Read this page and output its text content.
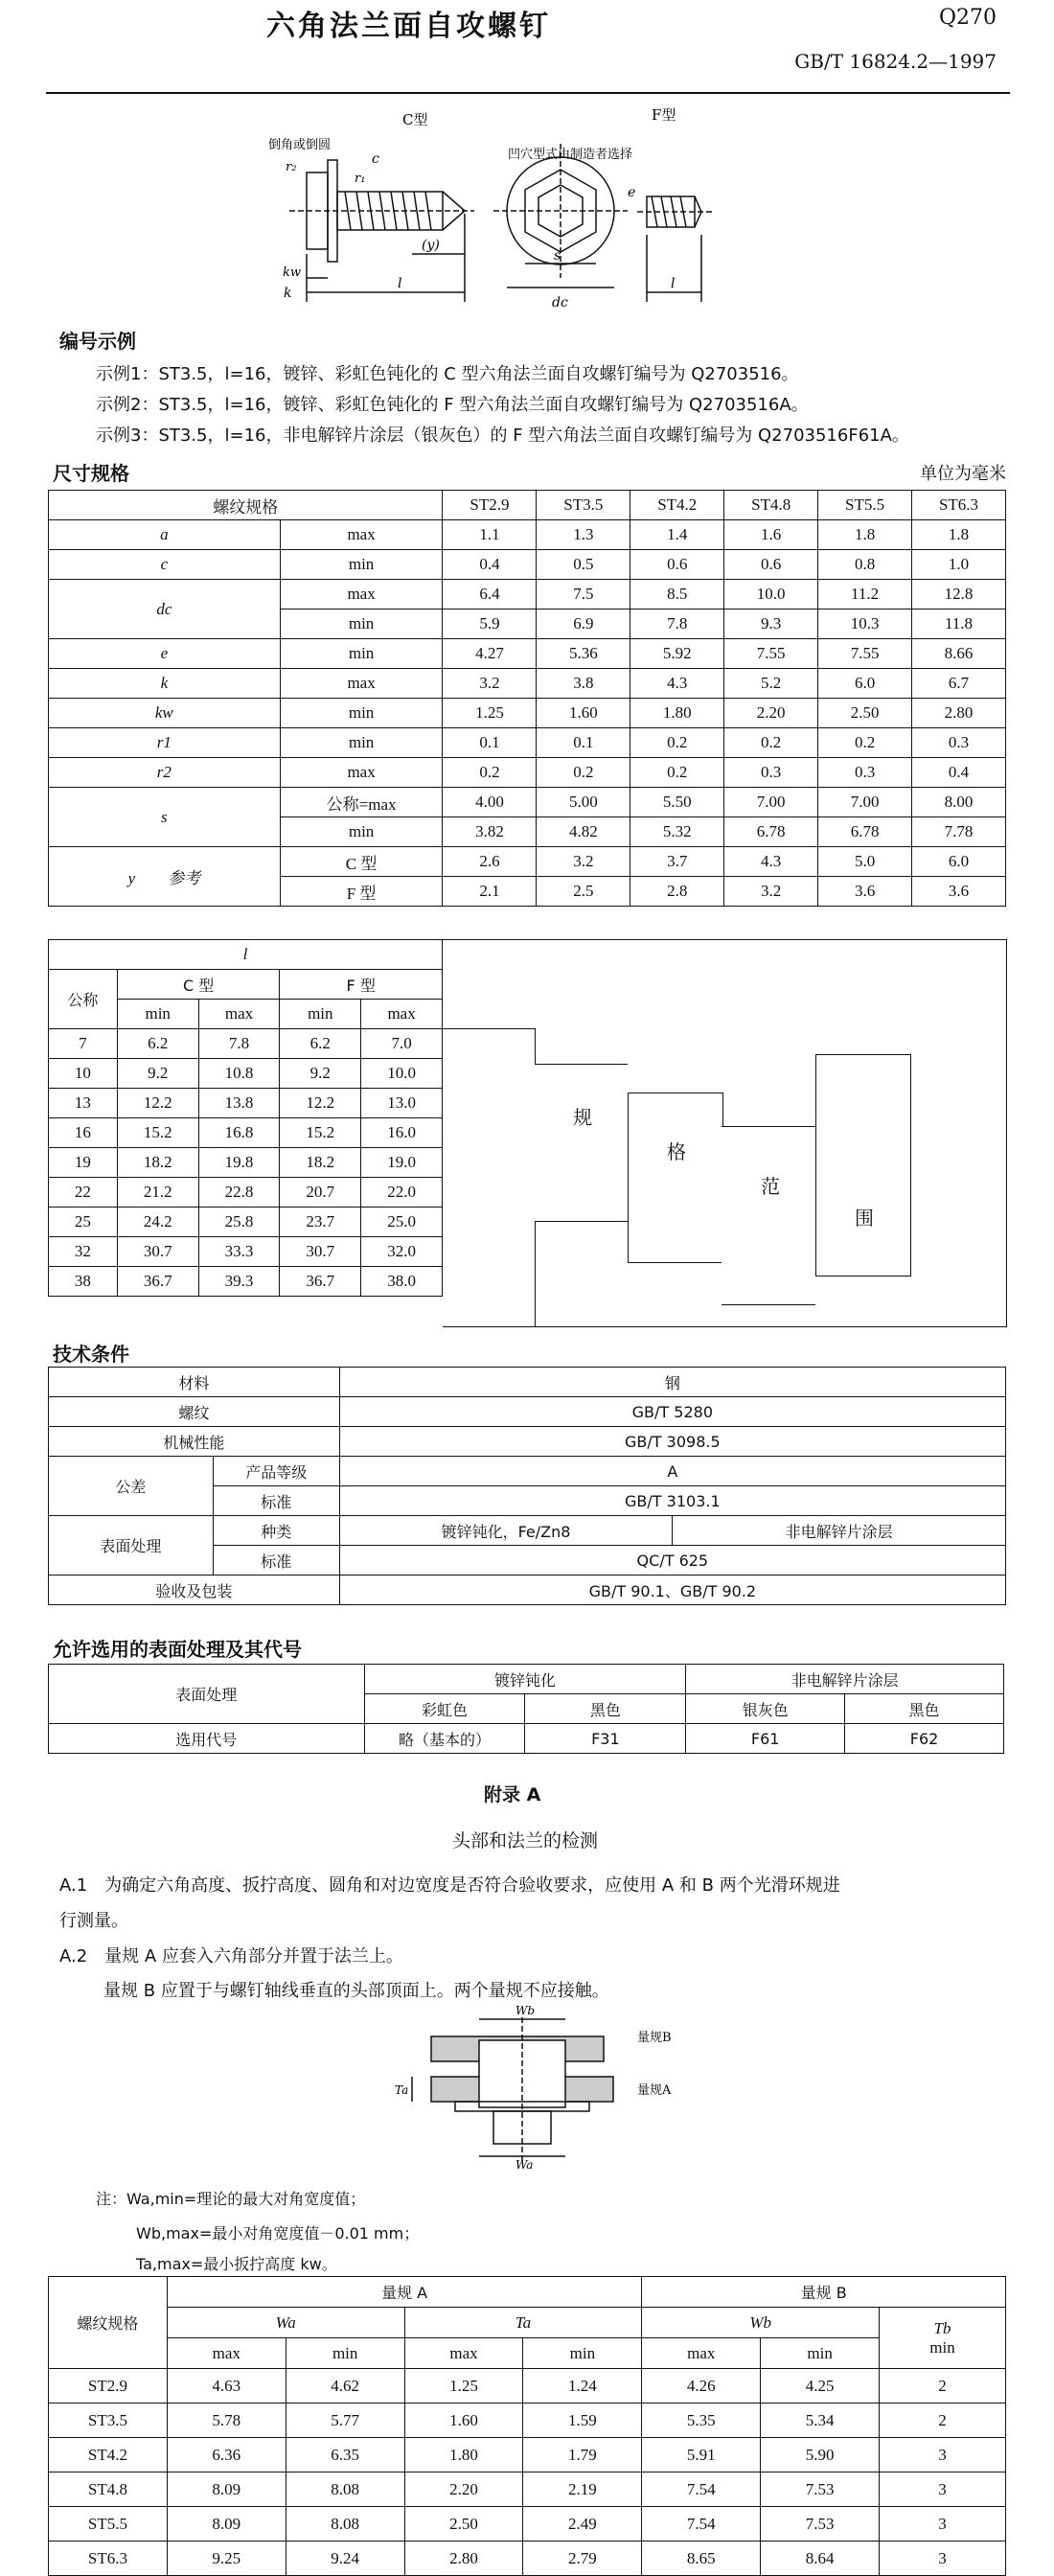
六角法兰面自攻螺钉	Q270
GB/T 16824.2—1997
C型	F型
倒角或倒圆
凹穴型式由制造者选择
r₂
r₁
c
kw
k
(y)
l
dc
s
e
l
编号示例
示例1：ST3.5，l=16，镀锌、彩虹色钝化的 C 型六角法兰面自攻螺钉编号为 Q2703516。
示例2：ST3.5，l=16，镀锌、彩虹色钝化的 F 型六角法兰面自攻螺钉编号为 Q2703516A。
示例3：ST3.5，l=16，非电解锌片涂层（银灰色）的 F 型六角法兰面自攻螺钉编号为 Q2703516F61A。
尺寸规格	单位为毫米
螺纹规格		ST2.9	ST3.5	ST4.2	ST4.8	ST5.5	ST6.3
a	max	1.1	1.3	1.4	1.6	1.8	1.8
c	min	0.4	0.5	0.6	0.6	0.8	1.0
dc	max	6.4	7.5	8.5	10.0	11.2	12.8
	min	5.9	6.9	7.8	9.3	10.3	11.8
e	min	4.27	5.36	5.92	7.55	7.55	8.66
k	max	3.2	3.8	4.3	5.2	6.0	6.7
kw	min	1.25	1.60	1.80	2.20	2.50	2.80
r1	min	0.1	0.1	0.2	0.2	0.2	0.3
r2	max	0.2	0.2	0.2	0.3	0.3	0.4
s	公称=max	4.00	5.00	5.50	7.00	7.00	8.00
	min	3.82	4.82	5.32	6.78	6.78	7.78
y　　参考	C 型	2.6	3.2	3.7	4.3	5.0	6.0
	F 型	2.1	2.5	2.8	3.2	3.6	3.6
l				
公称	C 型		F 型	
	min	max	min	max
7	6.2	7.8	6.2	7.0
10	9.2	10.8	9.2	10.0
13	12.2	13.8	12.2	13.0
16	15.2	16.8	15.2	16.0
19	18.2	19.8	18.2	19.0
22	21.2	22.8	20.7	22.0
25	24.2	25.8	23.7	25.0
32	30.7	33.3	30.7	32.0
38	36.7	39.3	36.7	38.0
规
格
范
围
技术条件
材料		钢	
螺纹		GB/T 5280	
机械性能		GB/T 3098.5	
公差	产品等级	A	
	标准	GB/T 3103.1	
表面处理	种类	镀锌钝化，Fe/Zn8	非电解锌片涂层
	标准	QC/T 625	
验收及包装		GB/T 90.1、GB/T 90.2	
允许选用的表面处理及其代号
表面处理	镀锌钝化		非电解锌片涂层	
	彩虹色	黑色	银灰色	黑色
选用代号	略（基本的）	F31	F61	F62
附录 A
头部和法兰的检测
A.1　为确定六角高度、扳拧高度、圆角和对边宽度是否符合验收要求，应使用 A 和 B 两个光滑环规进
行测量。
A.2　量规 A 应套入六角部分并置于法兰上。
量规 B 应置于与螺钉轴线垂直的头部顶面上。两个量规不应接触。
量规B
量规A
Wb
Wa
Ta
注：Wa,min=理论的最大对角宽度值；
Wb,max=最小对角宽度值－0.01 mm；
Ta,max=最小扳拧高度 kw。
螺纹规格	量规 A				量规 B		
	Wa		Ta		Wb		Tb
min

	max	min	max	min	max	min	
ST2.9	4.63	4.62	1.25	1.24	4.26	4.25	2
ST3.5	5.78	5.77	1.60	1.59	5.35	5.34	2
ST4.2	6.36	6.35	1.80	1.79	5.91	5.90	3
ST4.8	8.09	8.08	2.20	2.19	7.54	7.53	3
ST5.5	8.09	8.08	2.50	2.49	7.54	7.53	3
ST6.3	9.25	9.24	2.80	2.79	8.65	8.64	3
